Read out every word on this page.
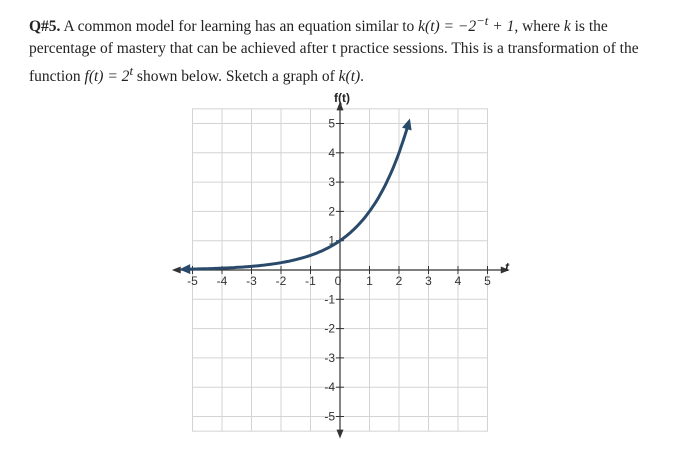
Q#5. A common model for learning has an equation similar to $k(t) = -2^{-t} + 1$, where k is the percentage of mastery that can be achieved after t practice sessions. This is a transformation of the function $f(t) = 2^t$ shown below. Sketch a graph of k(t).
-5 -4 -3 -2 -1 0 1 2 3 4 5
-5
-4
-3
-2
-1
1
2
3
4
5
f(t)
t
